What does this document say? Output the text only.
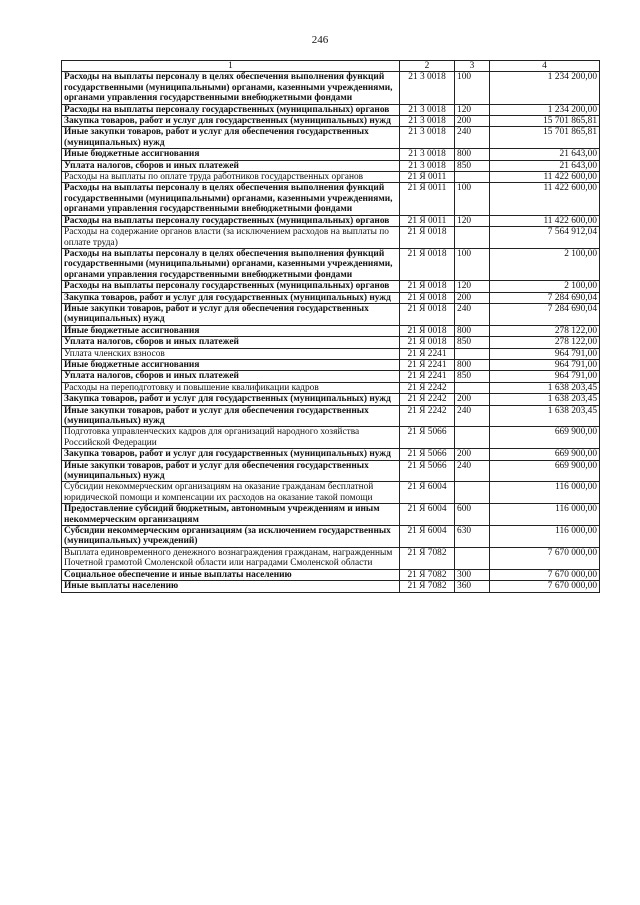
246
1	2	3	4
Расходы на выплаты персоналу в целях обеспечения выполнения функций государственными (муниципальными) органами, казенными учреждениями, органами управления государственными внебюджетными фондами	21 3 0018	100	1 234 200,00
Расходы на выплаты персоналу государственных (муниципальных) органов	21 3 0018	120	1 234 200,00
Закупка товаров, работ и услуг для государственных (муниципальных) нужд	21 3 0018	200	15 701 865,81
Иные закупки товаров, работ и услуг для обеспечения государственных (муниципальных) нужд	21 3 0018	240	15 701 865,81
Иные бюджетные ассигнования	21 3 0018	800	21 643,00
Уплата налогов, сборов и иных платежей	21 3 0018	850	21 643,00
Расходы на выплаты по оплате труда работников государственных органов	21 Я 0011		11 422 600,00
Расходы на выплаты персоналу в целях обеспечения выполнения функций государственными (муниципальными) органами, казенными учреждениями, органами управления государственными внебюджетными фондами	21 Я 0011	100	11 422 600,00
Расходы на выплаты персоналу государственных (муниципальных) органов	21 Я 0011	120	11 422 600,00
Расходы на содержание органов власти (за исключением расходов на выплаты по оплате труда)	21 Я 0018		7 564 912,04
Расходы на выплаты персоналу в целях обеспечения выполнения функций государственными (муниципальными) органами, казенными учреждениями, органами управления государственными внебюджетными фондами	21 Я 0018	100	2 100,00
Расходы на выплаты персоналу государственных (муниципальных) органов	21 Я 0018	120	2 100,00
Закупка товаров, работ и услуг для государственных (муниципальных) нужд	21 Я 0018	200	7 284 690,04
Иные закупки товаров, работ и услуг для обеспечения государственных (муниципальных) нужд	21 Я 0018	240	7 284 690,04
Иные бюджетные ассигнования	21 Я 0018	800	278 122,00
Уплата налогов, сборов и иных платежей	21 Я 0018	850	278 122,00
Уплата членских взносов	21 Я 2241		964 791,00
Иные бюджетные ассигнования	21 Я 2241	800	964 791,00
Уплата налогов, сборов и иных платежей	21 Я 2241	850	964 791,00
Расходы на переподготовку и повышение квалификации кадров	21 Я 2242		1 638 203,45
Закупка товаров, работ и услуг для государственных (муниципальных) нужд	21 Я 2242	200	1 638 203,45
Иные закупки товаров, работ и услуг для обеспечения государственных (муниципальных) нужд	21 Я 2242	240	1 638 203,45
Подготовка управленческих кадров для организаций народного хозяйства Российской Федерации	21 Я 5066		669 900,00
Закупка товаров, работ и услуг для государственных (муниципальных) нужд	21 Я 5066	200	669 900,00
Иные закупки товаров, работ и услуг для обеспечения государственных (муниципальных) нужд	21 Я 5066	240	669 900,00
Субсидии некоммерческим организациям на оказание гражданам бесплатной юридической помощи и компенсации их расходов на оказание такой помощи	21 Я 6004		116 000,00
Предоставление субсидий бюджетным, автономным учреждениям и иным некоммерческим организациям	21 Я 6004	600	116 000,00
Субсидии некоммерческим организациям (за исключением государственных (муниципальных) учреждений)	21 Я 6004	630	116 000,00
Выплата единовременного денежного вознаграждения гражданам, награжденным Почетной грамотой Смоленской области или наградами Смоленской области	21 Я 7082		7 670 000,00
Социальное обеспечение и иные выплаты населению	21 Я 7082	300	7 670 000,00
Иные выплаты населению	21 Я 7082	360	7 670 000,00
